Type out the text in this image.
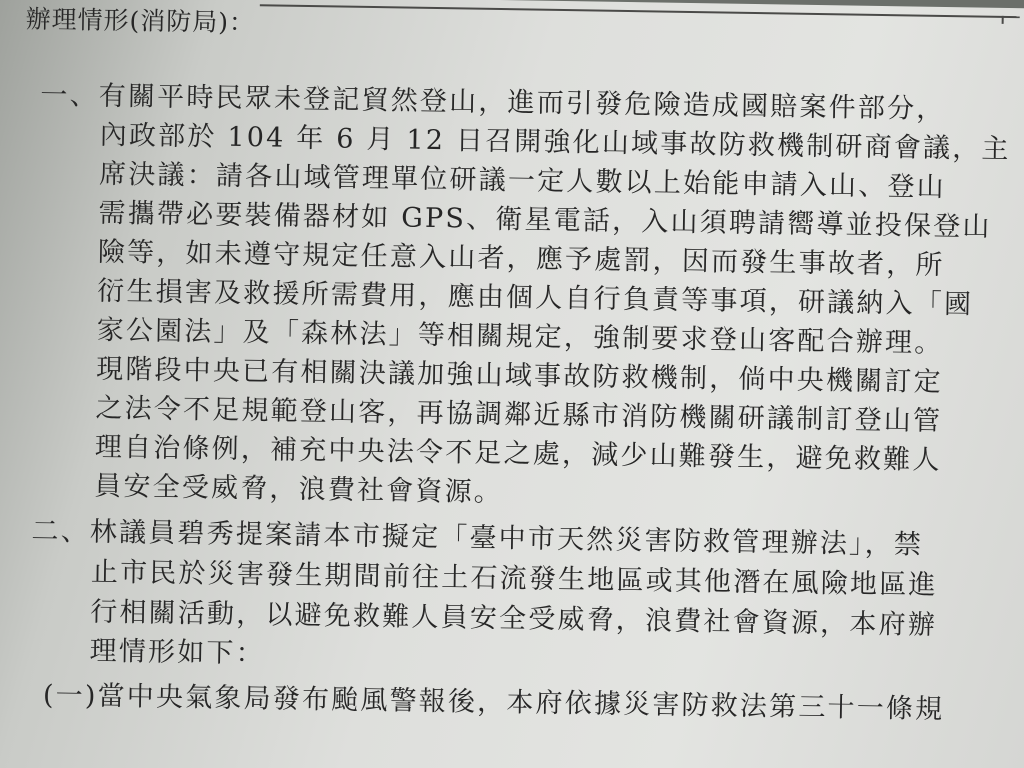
辦理情形(消防局)：
一、有關平時民眾未登記貿然登山，進而引發危險造成國賠案件部分，
內政部於 104 年 6 月 12 日召開強化山域事故防救機制研商會議，主
席決議：請各山域管理單位研議一定人數以上始能申請入山、登山
需攜帶必要裝備器材如 GPS、衛星電話，入山須聘請嚮導並投保登山
險等，如未遵守規定任意入山者，應予處罰，因而發生事故者，所
衍生損害及救援所需費用，應由個人自行負責等事項，研議納入「國
家公園法」及「森林法」等相關規定，強制要求登山客配合辦理。
現階段中央已有相關決議加強山域事故防救機制，倘中央機關訂定
之法令不足規範登山客，再協調鄰近縣市消防機關研議制訂登山管
理自治條例，補充中央法令不足之處，減少山難發生，避免救難人
員安全受威脅，浪費社會資源。
二、林議員碧秀提案請本市擬定「臺中市天然災害防救管理辦法」，禁
止市民於災害發生期間前往土石流發生地區或其他潛在風險地區進
行相關活動，以避免救難人員安全受威脅，浪費社會資源，本府辦
理情形如下：
(一)當中央氣象局發布颱風警報後，本府依據災害防救法第三十一條規
